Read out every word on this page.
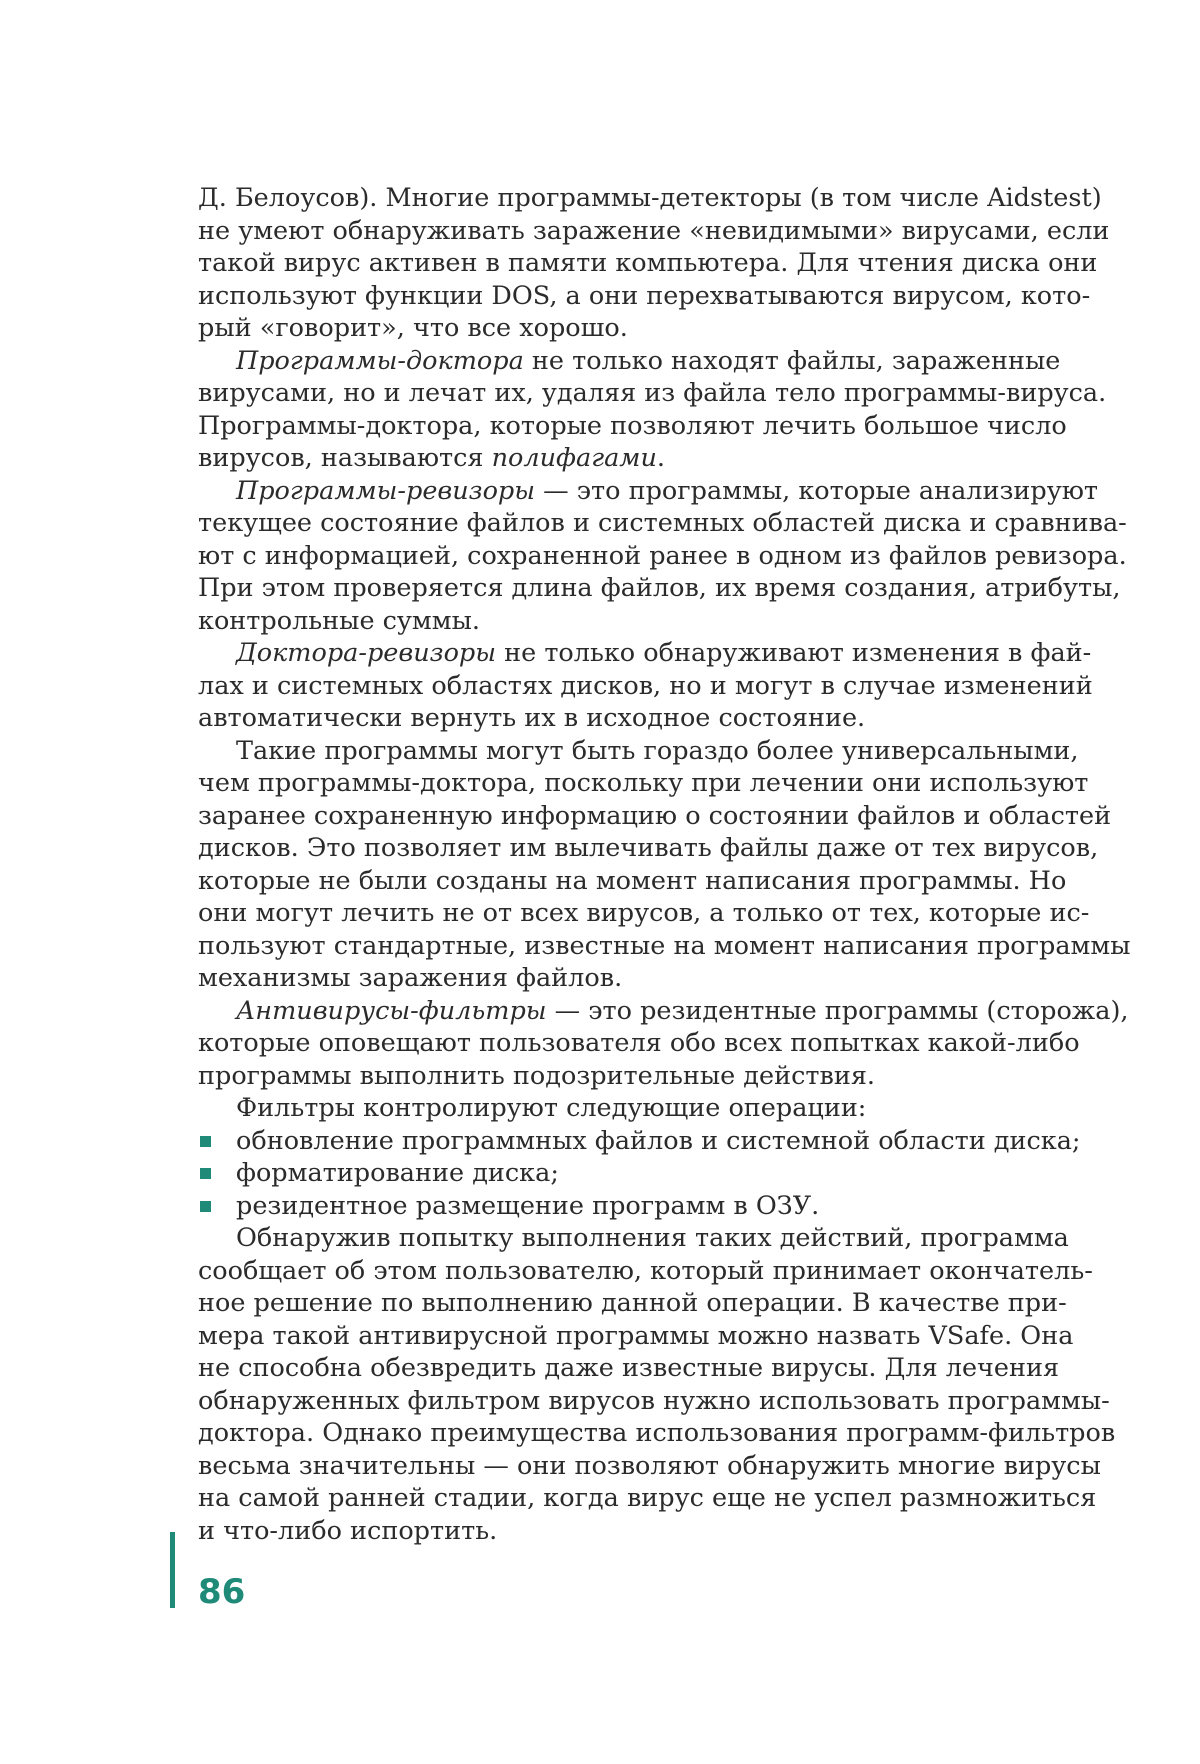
Д. Белоусов). Многие программы-детекторы (в том числе Aidstest)
не умеют обнаруживать заражение «невидимыми» вирусами, если
такой вирус активен в памяти компьютера. Для чтения диска они
используют функции DOS, а они перехватываются вирусом, кото-
рый «говорит», что все хорошо.
Программы-доктора не только находят файлы, зараженные
вирусами, но и лечат их, удаляя из файла тело программы-вируса.
Программы-доктора, которые позволяют лечить большое число
вирусов, называются полифагами.
Программы-ревизоры — это программы, которые анализируют
текущее состояние файлов и системных областей диска и сравнива-
ют с информацией, сохраненной ранее в одном из файлов ревизора.
При этом проверяется длина файлов, их время создания, атрибуты,
контрольные суммы.
Доктора-ревизоры не только обнаруживают изменения в фай-
лах и системных областях дисков, но и могут в случае изменений
автоматически вернуть их в исходное состояние.
Такие программы могут быть гораздо более универсальными,
чем программы-доктора, поскольку при лечении они используют
заранее сохраненную информацию о состоянии файлов и областей
дисков. Это позволяет им вылечивать файлы даже от тех вирусов,
которые не были созданы на момент написания программы. Но
они могут лечить не от всех вирусов, а только от тех, которые ис-
пользуют стандартные, известные на момент написания программы
механизмы заражения файлов.
Антивирусы-фильтры — это резидентные программы (сторожа),
которые оповещают пользователя обо всех попытках какой-либо
программы выполнить подозрительные действия.
Фильтры контролируют следующие операции:
обновление программных файлов и системной области диска;
форматирование диска;
резидентное размещение программ в ОЗУ.
Обнаружив попытку выполнения таких действий, программа
сообщает об этом пользователю, который принимает окончатель-
ное решение по выполнению данной операции. В качестве при-
мера такой антивирусной программы можно назвать VSafe. Она
не способна обезвредить даже известные вирусы. Для лечения
обнаруженных фильтром вирусов нужно использовать программы-
доктора. Однако преимущества использования программ-фильтров
весьма значительны — они позволяют обнаружить многие вирусы
на самой ранней стадии, когда вирус еще не успел размножиться
и что-либо испортить.
86
